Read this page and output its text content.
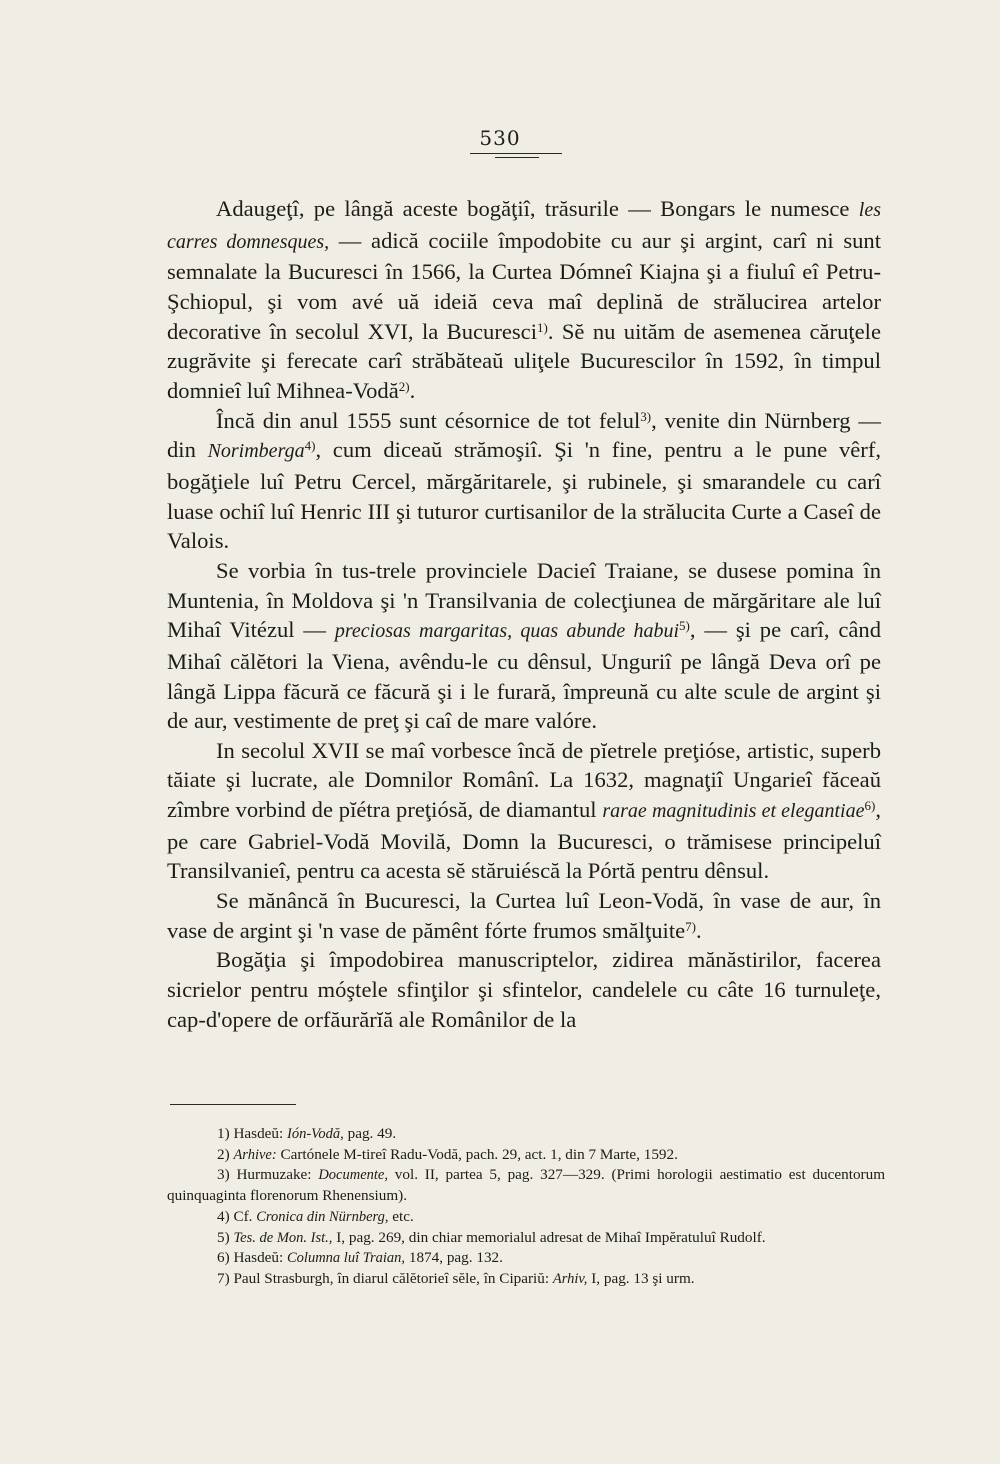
530

Adaugeţî, pe lângă aceste bogăţiî, trăsurile — Bongars le numesce les carres domnesques, — adică cociile împodobite cu aur şi argint, carî ni sunt semnalate la Bucuresci în 1566, la Curtea Dómneî Kiajna şi a fiuluî eî Petru-Şchiopul, şi vom avé uă ideiă ceva maî deplină de strălucirea artelor decorative în secolul XVI, la Bucuresci$^{1)}$. Sĕ nu uităm de asemenea căruţele zugrăvite şi ferecate carî străbăteaŭ uliţele Bucurescilor în 1592, în timpul domnieî luî Mihnea-Vodă$^{2)}$.

Încă din anul 1555 sunt césornice de tot felul$^{3)}$, venite din Nürnberg — din Norimberga$^{4)}$, cum diceaŭ strămoşiî. Şi 'n fine, pentru a le pune vêrf, bogăţiele luî Petru Cercel, mărgăritarele, şi rubinele, şi smarandele cu carî luase ochiî luî Henric III şi tuturor curtisanilor de la strălucita Curte a Caseî de Valois.

Se vorbia în tus-trele provinciele Dacieî Traiane, se dusese pomina în Muntenia, în Moldova şi 'n Transilvania de colecţiunea de mărgăritare ale luî Mihaî Vitézul — preciosas margaritas, quas abunde habui$^{5)}$, — şi pe carî, când Mihaî călĕtori la Viena, avêndu-le cu dênsul, Unguriî pe lângă Deva orî pe lângă Lippa făcură ce făcură şi i le furară, împreună cu alte scule de argint şi de aur, vestimente de preţ şi caî de mare valóre.

In secolul XVII se maî vorbesce încă de pĭetrele preţióse, artistic, superb tăiate şi lucrate, ale Domnilor Românî. La 1632, magnaţiî Ungarieî făceaŭ zîmbre vorbind de pĭétra preţiósă, de diamantul rarae magnitudinis et elegantiae$^{6)}$, pe care Gabriel-Vodă Movilă, Domn la Bucuresci, o trămisese principeluî Transilvanieî, pentru ca acesta sĕ stăruiéscă la Pórtă pentru dênsul.

Se mănâncă în Bucuresci, la Curtea luî Leon-Vodă, în vase de aur, în vase de argint şi 'n vase de pămênt fórte frumos smălţuite$^{7)}$.

Bogăţia şi împodobirea manuscriptelor, zidirea mănăstirilor, facerea sicrielor pentru móştele sfinţilor şi sfintelor, candelele cu câte 16 turnuleţe, cap-d'opere de orfăurărĭă ale Românilor de la

1) Hasdeŭ: Ión-Vodă, pag. 49.

2) Arhive: Cartónele M-tireî Radu-Vodă, pach. 29, act. 1, din 7 Marte, 1592.

3) Hurmuzake: Documente, vol. II, partea 5, pag. 327—329. (Primi horologii aestimatio est ducentorum quinquaginta florenorum Rhenensium).

4) Cf. Cronica din Nürnberg, etc.

5) Tes. de Mon. Ist., I, pag. 269, din chiar memorialul adresat de Mihaî Impĕratuluî Rudolf.

6) Hasdeŭ: Columna luî Traian, 1874, pag. 132.

7) Paul Strasburgh, în diarul călĕtorieî sĕle, în Cipariŭ: Arhiv, I, pag. 13 şi urm.
